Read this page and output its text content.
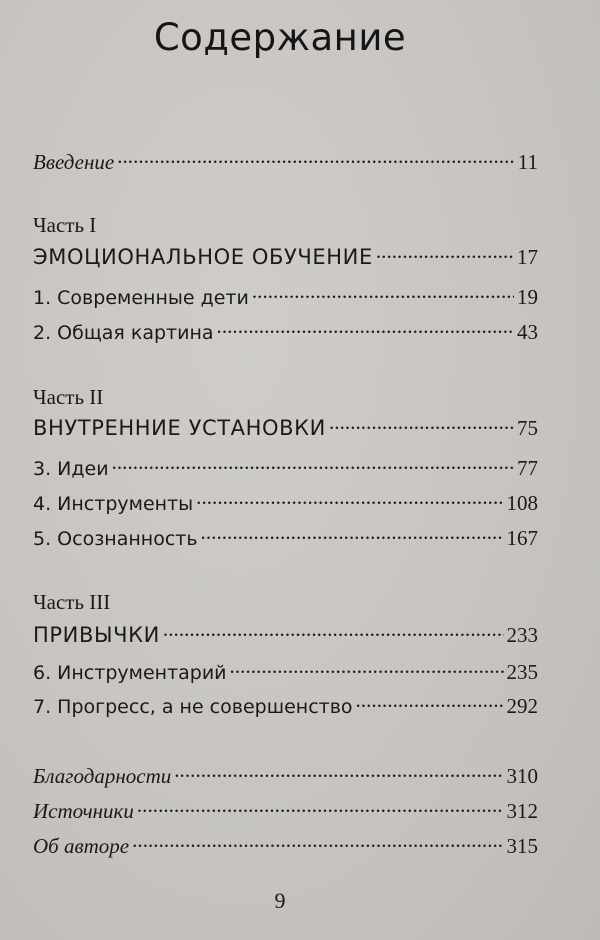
Содержание
Введение . . .	11
Часть I
ЭМОЦИОНАЛЬНОЕ ОБУЧЕНИЕ . . .	17
1. Современные дети . . .	19
2. Общая картина . . .	43
Часть II
ВНУТРЕННИЕ УСТАНОВКИ . . .	75
3. Идеи . . .	77
4. Инструменты . . .	108
5. Осознанность . . .	167
Часть III
ПРИВЫЧКИ . . .	233
6. Инструментарий . . .	235
7. Прогресс, а не совершенство . . .	292
Благодарности . . .	310
Источники . . .	312
Об авторе . . .	315
9
